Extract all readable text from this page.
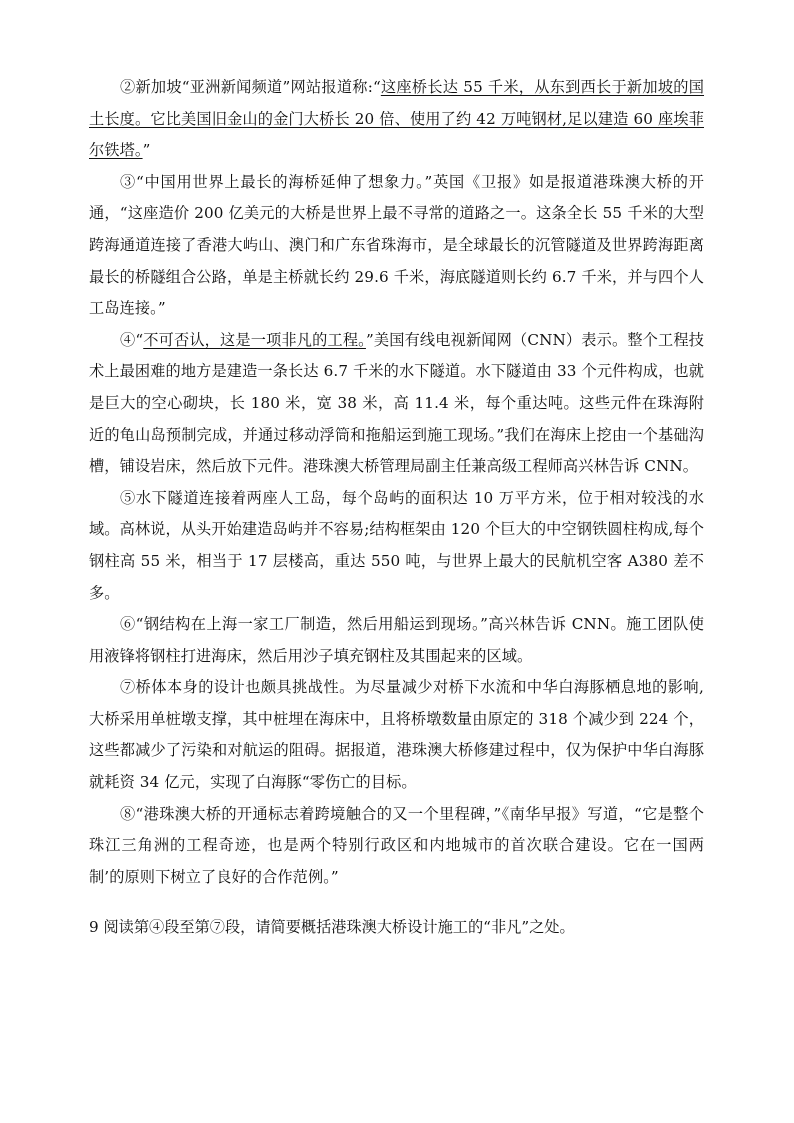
②新加坡“亚洲新闻频道”网站报道称:“这座桥长达 55 千米，从东到西长于新加坡的国土长度。它比美国旧金山的金门大桥长 20 倍、使用了约 42 万吨钢材,足以建造 60 座埃菲尔铁塔。”

③“中国用世界上最长的海桥延伸了想象力。”英国《卫报》如是报道港珠澳大桥的开通，“这座造价 200 亿美元的大桥是世界上最不寻常的道路之一。这条全长 55 千米的大型跨海通道连接了香港大屿山、澳门和广东省珠海市，是全球最长的沉管隧道及世界跨海距离最长的桥隧组合公路，单是主桥就长约 29.6 千米，海底隧道则长约 6.7 千米，并与四个人工岛连接。”

④“不可否认，这是一项非凡的工程。”美国有线电视新闻网（CNN）表示。整个工程技术上最困难的地方是建造一条长达 6.7 千米的水下隧道。水下隧道由 33 个元件构成，也就是巨大的空心砌块，长 180 米，宽 38 米，高 11.4 米，每个重达吨。这些元件在珠海附近的龟山岛预制完成，并通过移动浮筒和拖船运到施工现场。”我们在海床上挖由一个基础沟槽，铺设岩床，然后放下元件。港珠澳大桥管理局副主任兼高级工程师高兴林告诉 CNN。

⑤水下隧道连接着两座人工岛，每个岛屿的面积达 10 万平方米，位于相对较浅的水域。高林说，从头开始建造岛屿并不容易;结构框架由 120 个巨大的中空钢铁圆柱构成,每个钢柱高 55 米，相当于 17 层楼高，重达 550 吨，与世界上最大的民航机空客 A380 差不多。

⑥“钢结构在上海一家工厂制造，然后用船运到现场。”高兴林告诉 CNN。施工团队使用液锋将钢柱打进海床，然后用沙子填充钢柱及其围起来的区域。

⑦桥体本身的设计也颇具挑战性。为尽量减少对桥下水流和中华白海豚栖息地的影响,大桥采用单桩墩支撑，其中桩埋在海床中，且将桥墩数量由原定的 318 个减少到 224 个，这些都减少了污染和对航运的阻碍。据报道，港珠澳大桥修建过程中，仅为保护中华白海豚就耗资 34 亿元，实现了白海豚“零伤亡的目标。

⑧“港珠澳大桥的开通标志着跨境触合的又一个里程碑，”《南华早报》写道，“它是整个珠江三角洲的工程奇迹，也是两个特别行政区和内地城市的首次联合建设。它在一国两制’的原则下树立了良好的合作范例。”

9 阅读第④段至第⑦段，请简要概括港珠澳大桥设计施工的“非凡”之处。
